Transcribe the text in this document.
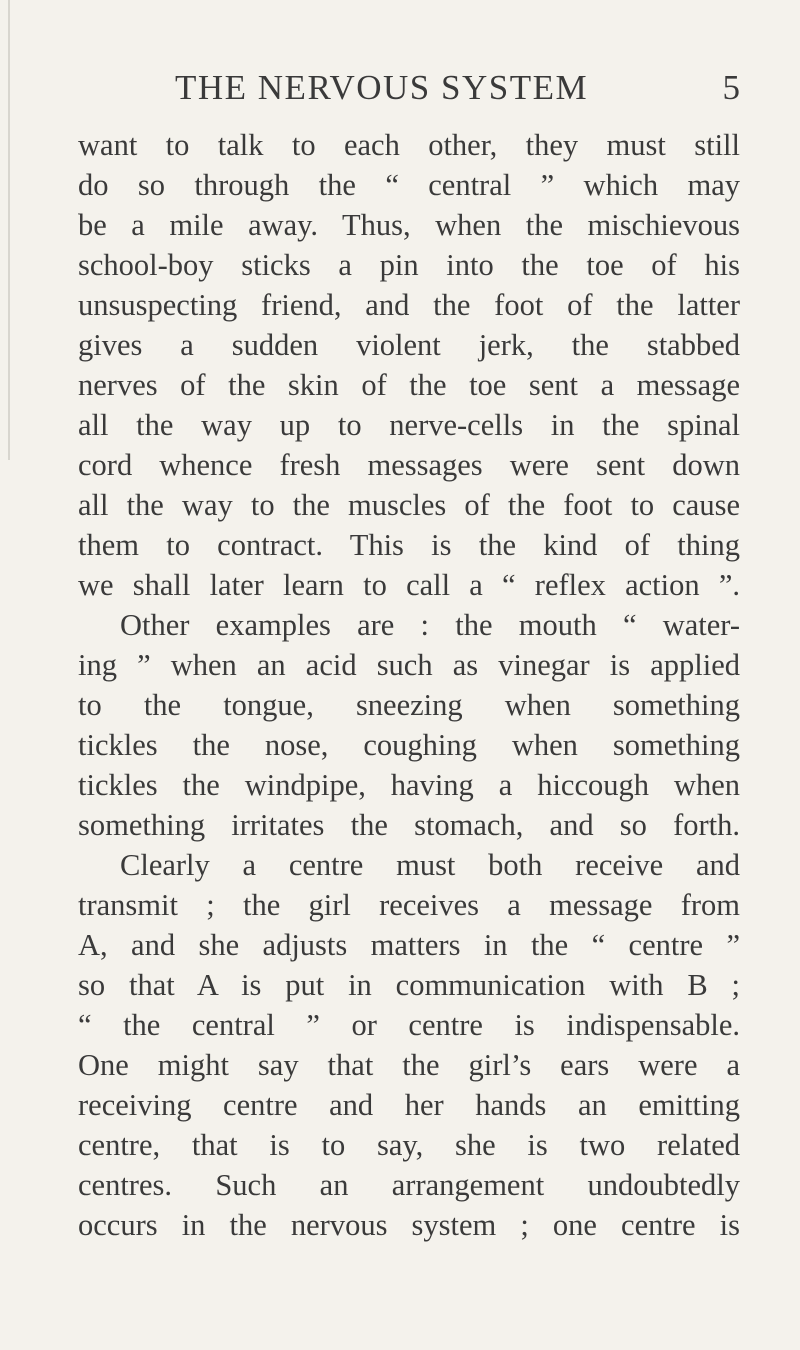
THE NERVOUS SYSTEM	5
want to talk to each other, they must still
do so through the “ central ” which may
be a mile away. Thus, when the mischievous
school-boy sticks a pin into the toe of his
unsuspecting friend, and the foot of the latter
gives a sudden violent jerk, the stabbed
nerves of the skin of the toe sent a message
all the way up to nerve-cells in the spinal
cord whence fresh messages were sent down
all the way to the muscles of the foot to cause
them to contract. This is the kind of thing
we shall later learn to call a “ reflex action ”.
Other examples are : the mouth “ water-
ing ” when an acid such as vinegar is applied
to the tongue, sneezing when something
tickles the nose, coughing when something
tickles the windpipe, having a hiccough when
something irritates the stomach, and so forth.
Clearly a centre must both receive and
transmit ; the girl receives a message from
A, and she adjusts matters in the “ centre ”
so that A is put in communication with B ;
“ the central ” or centre is indispensable.
One might say that the girl’s ears were a
receiving centre and her hands an emitting
centre, that is to say, she is two related
centres. Such an arrangement undoubtedly
occurs in the nervous system ; one centre is
